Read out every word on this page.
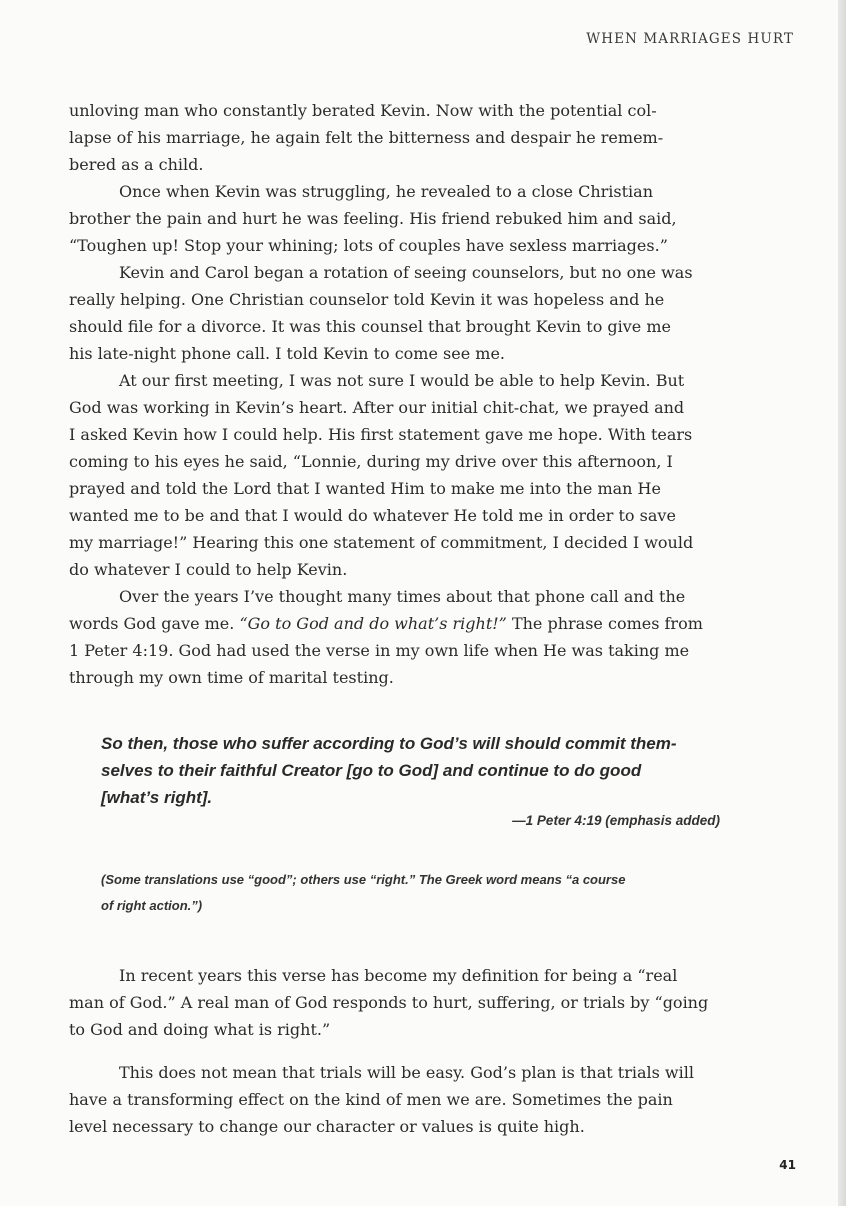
WHEN MARRIAGES HURT

unloving man who constantly berated Kevin. Now with the potential col-
lapse of his marriage, he again felt the bitterness and despair he remem-
bered as a child.

Once when Kevin was struggling, he revealed to a close Christian
brother the pain and hurt he was feeling. His friend rebuked him and said,
“Toughen up! Stop your whining; lots of couples have sexless marriages.”

Kevin and Carol began a rotation of seeing counselors, but no one was
really helping. One Christian counselor told Kevin it was hopeless and he
should file for a divorce. It was this counsel that brought Kevin to give me
his late-night phone call. I told Kevin to come see me.

At our first meeting, I was not sure I would be able to help Kevin. But
God was working in Kevin’s heart. After our initial chit-chat, we prayed and
I asked Kevin how I could help. His first statement gave me hope. With tears
coming to his eyes he said, “Lonnie, during my drive over this afternoon, I
prayed and told the Lord that I wanted Him to make me into the man He
wanted me to be and that I would do whatever He told me in order to save
my marriage!” Hearing this one statement of commitment, I decided I would
do whatever I could to help Kevin.

Over the years I’ve thought many times about that phone call and the
words God gave me. “Go to God and do what’s right!” The phrase comes from
1 Peter 4:19. God had used the verse in my own life when He was taking me
through my own time of marital testing.

So then, those who suffer according to God’s will should commit them-
selves to their faithful Creator [go to God] and continue to do good
[what’s right].
—1 Peter 4:19 (emphasis added)
(Some translations use “good”; others use “right.” The Greek word means “a course
of right action.”)

In recent years this verse has become my definition for being a “real
man of God.” A real man of God responds to hurt, suffering, or trials by “going
to God and doing what is right.”

This does not mean that trials will be easy. God’s plan is that trials will
have a transforming effect on the kind of men we are. Sometimes the pain
level necessary to change our character or values is quite high.

41
